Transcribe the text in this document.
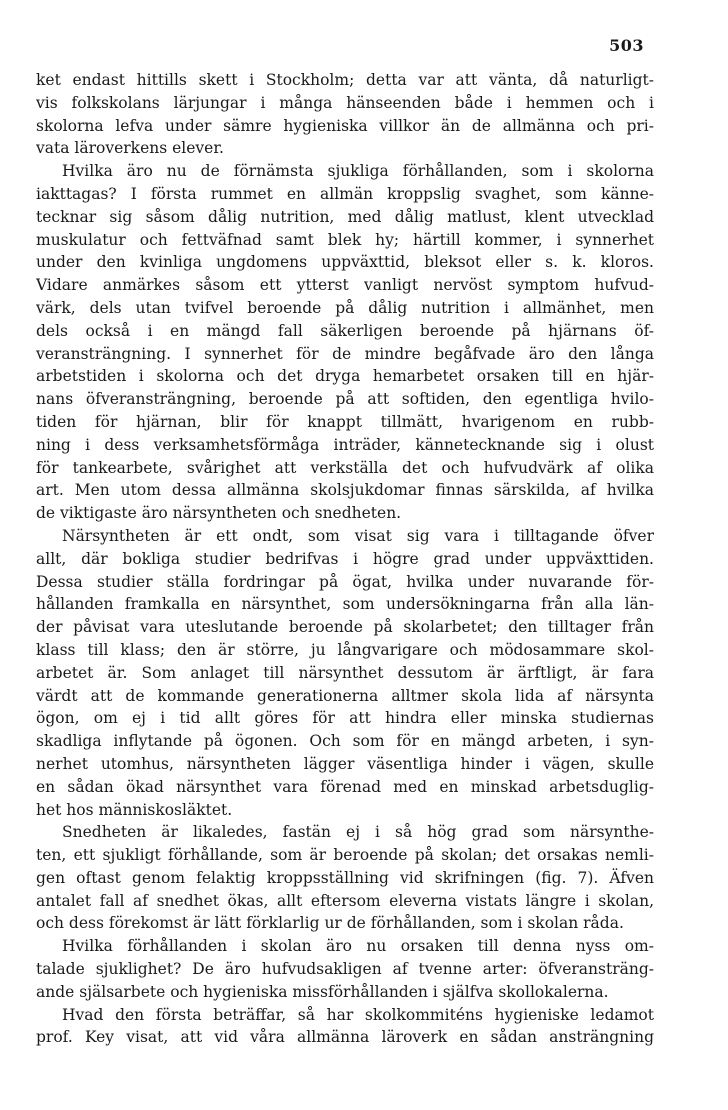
503
ket endast hittills skett i Stockholm; detta var att vänta, då naturligt-
vis folkskolans lärjungar i många hänseenden både i hemmen och i
skolorna lefva under sämre hygieniska villkor än de allmänna och pri-
vata läroverkens elever.
Hvilka äro nu de förnämsta sjukliga förhållanden, som i skolorna
iakttagas? I första rummet en allmän kroppslig svaghet, som känne-
tecknar sig såsom dålig nutrition, med dålig matlust, klent utvecklad
muskulatur och fettväfnad samt blek hy; härtill kommer, i synnerhet
under den kvinliga ungdomens uppväxttid, bleksot eller s. k. kloros.
Vidare anmärkes såsom ett ytterst vanligt nervöst symptom hufvud-
värk, dels utan tvifvel beroende på dålig nutrition i allmänhet, men
dels också i en mängd fall säkerligen beroende på hjärnans öf-
veransträngning. I synnerhet för de mindre begåfvade äro den långa
arbetstiden i skolorna och det dryga hemarbetet orsaken till en hjär-
nans öfveransträngning, beroende på att softiden, den egentliga hvilo-
tiden för hjärnan, blir för knappt tillmätt, hvarigenom en rubb-
ning i dess verksamhetsförmåga inträder, kännetecknande sig i olust
för tankearbete, svårighet att verkställa det och hufvudvärk af olika
art. Men utom dessa allmänna skolsjukdomar finnas särskilda, af hvilka
de viktigaste äro närsyntheten och snedheten.
Närsyntheten är ett ondt, som visat sig vara i tilltagande öfver
allt, där bokliga studier bedrifvas i högre grad under uppväxttiden.
Dessa studier ställa fordringar på ögat, hvilka under nuvarande för-
hållanden framkalla en närsynthet, som undersökningarna från alla län-
der påvisat vara uteslutande beroende på skolarbetet; den tilltager från
klass till klass; den är större, ju långvarigare och mödosammare skol-
arbetet är. Som anlaget till närsynthet dessutom är ärftligt, är fara
värdt att de kommande generationerna alltmer skola lida af närsynta
ögon, om ej i tid allt göres för att hindra eller minska studiernas
skadliga inflytande på ögonen. Och som för en mängd arbeten, i syn-
nerhet utomhus, närsyntheten lägger väsentliga hinder i vägen, skulle
en sådan ökad närsynthet vara förenad med en minskad arbetsduglig-
het hos människosläktet.
Snedheten är likaledes, fastän ej i så hög grad som närsynthe-
ten, ett sjukligt förhållande, som är beroende på skolan; det orsakas nemli-
gen oftast genom felaktig kroppsställning vid skrifningen (fig. 7). Äfven
antalet fall af snedhet ökas, allt eftersom eleverna vistats längre i skolan,
och dess förekomst är lätt förklarlig ur de förhållanden, som i skolan råda.
Hvilka förhållanden i skolan äro nu orsaken till denna nyss om-
talade sjuklighet? De äro hufvudsakligen af tvenne arter: öfveransträng-
ande själsarbete och hygieniska missförhållanden i själfva skollokalerna.
Hvad den första beträffar, så har skolkommiténs hygieniske ledamot
prof. Key visat, att vid våra allmänna läroverk en sådan ansträngning
